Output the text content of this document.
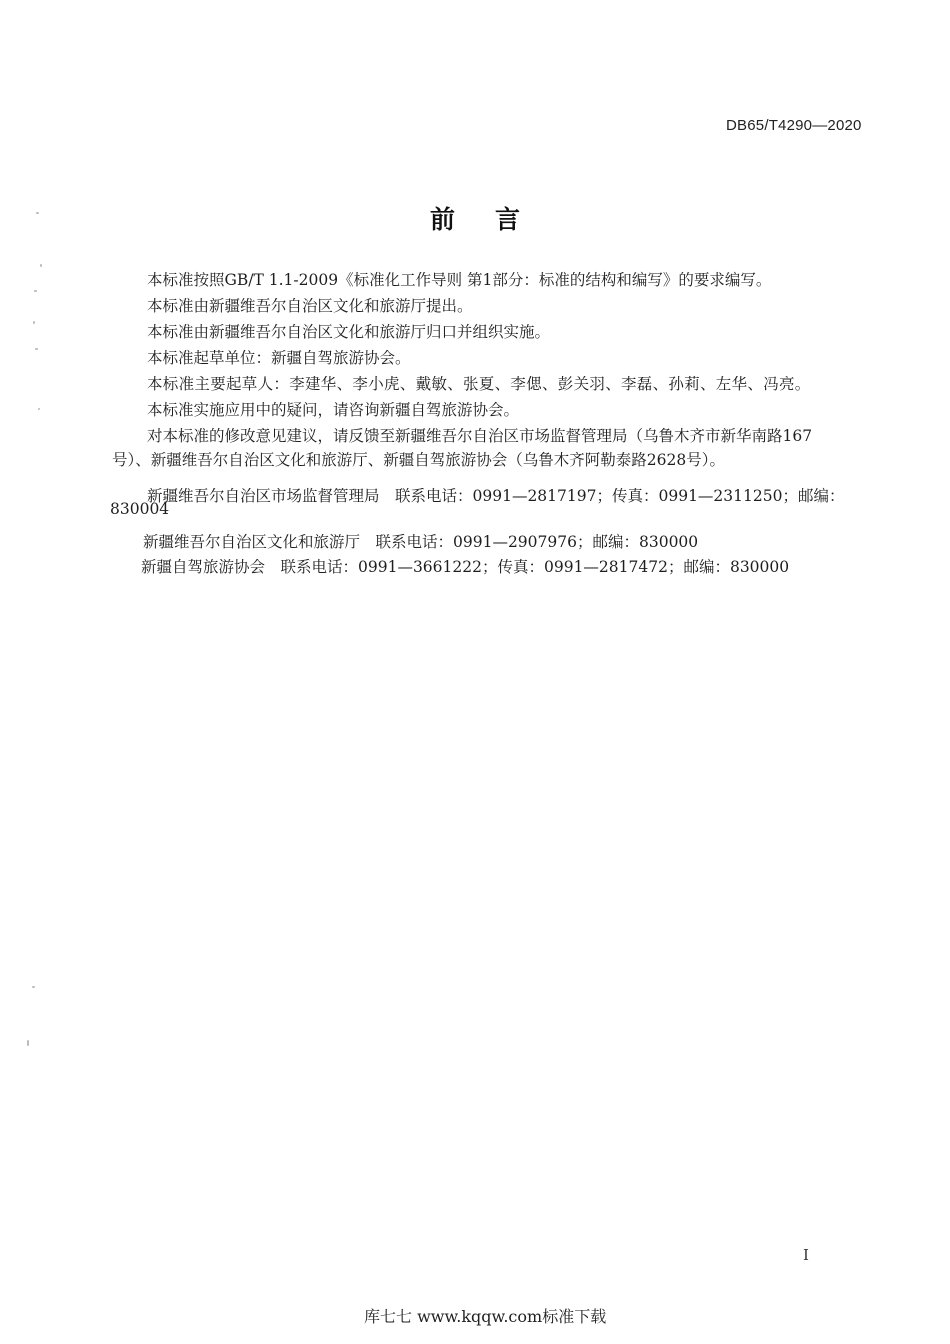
DB65/T4290—2020
前言
本标准按照GB/T 1.1-2009《标准化工作导则 第1部分：标准的结构和编写》的要求编写。
本标准由新疆维吾尔自治区文化和旅游厅提出。
本标准由新疆维吾尔自治区文化和旅游厅归口并组织实施。
本标准起草单位：新疆自驾旅游协会。
本标准主要起草人：李建华、李小虎、戴敏、张夏、李偲、彭关羽、李磊、孙莉、左华、冯亮。
本标准实施应用中的疑问，请咨询新疆自驾旅游协会。
对本标准的修改意见建议，请反馈至新疆维吾尔自治区市场监督管理局（乌鲁木齐市新华南路167
号）、新疆维吾尔自治区文化和旅游厅、新疆自驾旅游协会（乌鲁木齐阿勒泰路2628号）。
新疆维吾尔自治区市场监督管理局　联系电话：0991—2817197；传真：0991—2311250；邮编：
830004
新疆维吾尔自治区文化和旅游厅　联系电话：0991—2907976；邮编：830000
新疆自驾旅游协会　联系电话：0991—3661222；传真：0991—2817472；邮编：830000
I
库七七 www.kqqw.com标准下载
